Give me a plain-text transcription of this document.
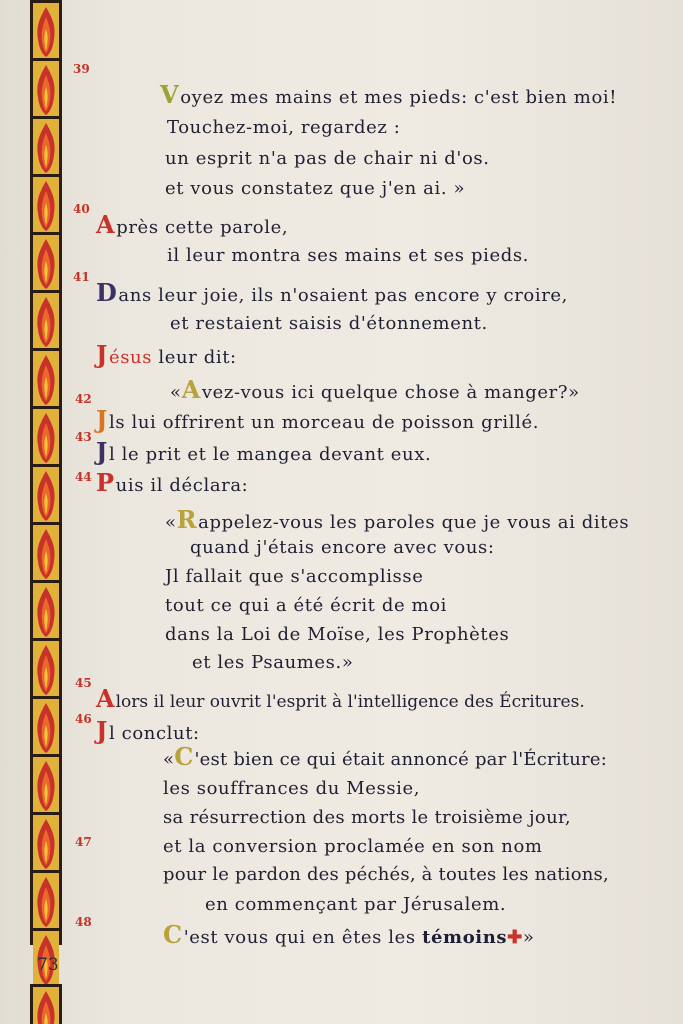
73
39
40
41
42
43
44
45
46
47
48
Voyez mes mains et mes pieds: c'est bien moi!
Touchez-moi, regardez :
un esprit n'a pas de chair ni d'os.
et vous constatez que j'en ai. »
Après cette parole,
il leur montra ses mains et ses pieds.
Dans leur joie, ils n'osaient pas encore y croire,
et restaient saisis d'étonnement.
Jésus leur dit:
«Avez-vous ici quelque chose à manger?»
Jls lui offrirent un morceau de poisson grillé.
Jl le prit et le mangea devant eux.
Puis il déclara:
«Rappelez-vous les paroles que je vous ai dites
quand j'étais encore avec vous:
Jl fallait que s'accomplisse
tout ce qui a été écrit de moi
dans la Loi de Moïse, les Prophètes
et les Psaumes.»
Alors il leur ouvrit l'esprit à l'intelligence des Écritures.
Jl conclut:
«C'est bien ce qui était annoncé par l'Écriture:
les souffrances du Messie,
sa résurrection des morts le troisième jour,
et la conversion proclamée en son nom
pour le pardon des péchés, à toutes les nations,
en commençant par Jérusalem.
C'est vous qui en êtes les témoins✚»
